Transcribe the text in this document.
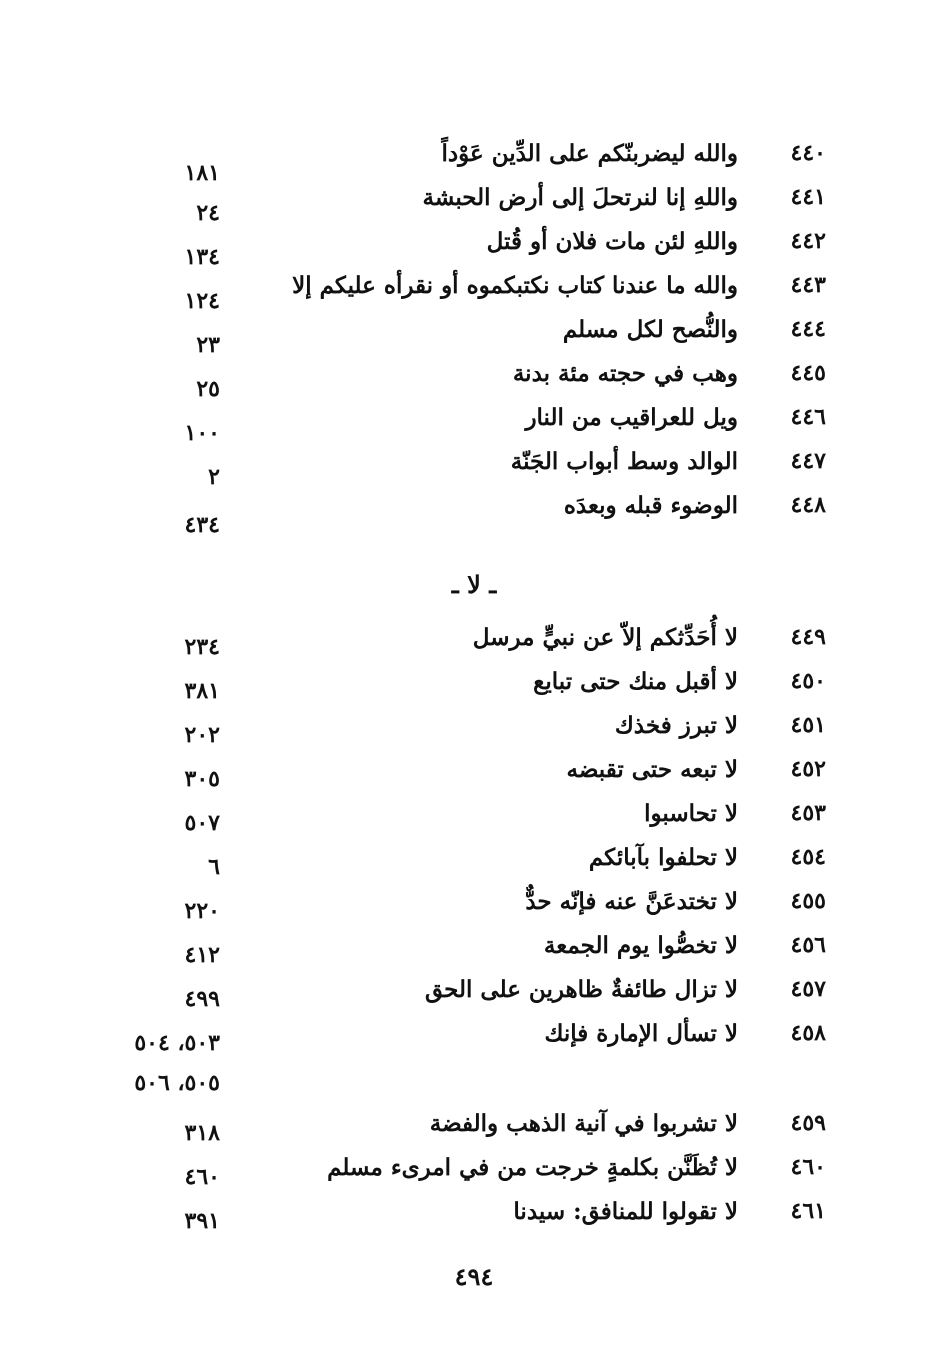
٤٤٠
والله ليضربنّكم على الدِّين عَوْداً
١٨١
٤٤١
واللهِ إنا لنرتحلَ إلى أرض الحبشة
٢٤
٤٤٢
واللهِ لئن مات فلان أو قُتل
١٣٤
٤٤٣
والله ما عندنا كتاب نكتبكموه أو نقرأه عليكم إلا
١٢٤
٤٤٤
والنُّصح لكل مسلم
٢٣
٤٤٥
وهب في حجته مئة بدنة
٢٥
٤٤٦
ويل للعراقيب من النار
١٠٠
٤٤٧
الوالد وسط أبواب الجَنّة
٢
٤٤٨
الوضوء قبله وبعدَه
٤٣٤
ـ لا ـ
٤٤٩
لا أُحَدِّثكم إلاّ عن نبيٍّ مرسل
٢٣٤
٤٥٠
لا أقبل منك حتى تبايع
٣٨١
٤٥١
لا تبرز فخذك
٢٠٢
٤٥٢
لا تبعه حتى تقبضه
٣٠٥
٤٥٣
لا تحاسبوا
٥٠٧
٤٥٤
لا تحلفوا بآبائكم
٦
٤٥٥
لا تختدعَنَّ عنه فإنّه حدٌّ
٢٢٠
٤٥٦
لا تخصُّوا يوم الجمعة
٤١٢
٤٥٧
لا تزال طائفةٌ ظاهرين على الحق
٤٩٩
٤٥٨
لا تسأل الإمارة فإنك
٥٠٣، ٥٠٤
٥٠٥، ٥٠٦
٤٥٩
لا تشربوا في آنية الذهب والفضة
٣١٨
٤٦٠
لا تُظَنَّن بكلمةٍ خرجت من في امرىء مسلم
٤٦٠
٤٦١
لا تقولوا للمنافق: سيدنا
٣٩١
٤٩٤
